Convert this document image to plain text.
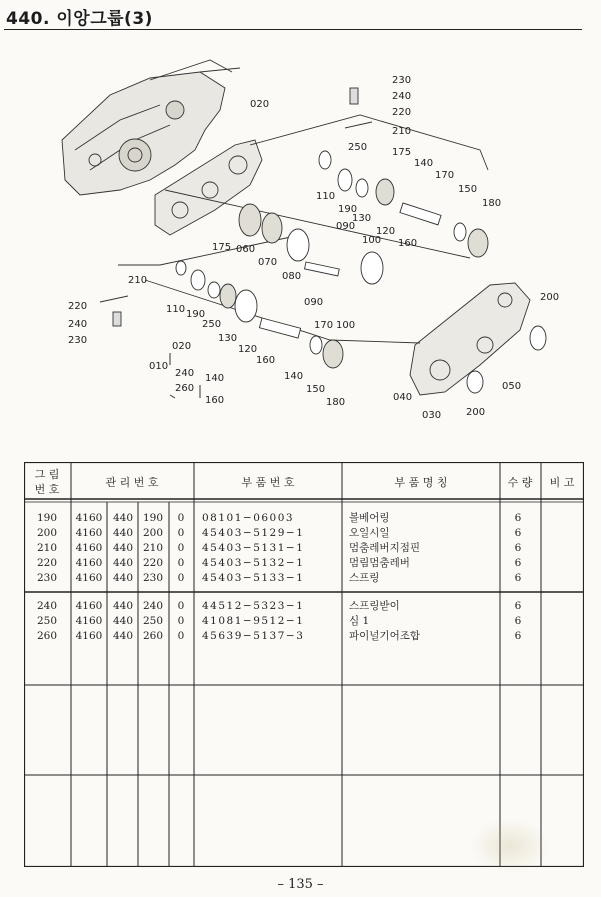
440. 이앙그룹(3)
230
240
220
210
250 175
140
170
020
110
190
130
150
180
120
160
090
100
060
070
080
175
210
220
240
230
110 190
250
130
120
160
170
090
100
140
150
180
200
040
030 200
050
020
240
260
140
160
010
그 림
번 호
관 리 번 호	부 품 번 호	부 품 명 칭	수 량 비 고
190 4160 440 190 0 08101−06003	볼베어링	6
200 4160 440 200 0 45403−5129−1	오일시일	6
210 4160 440 210 0 45403−5131−1	멈춤레버지점핀	6
220 4160 440 220 0 45403−5132−1	멈림멈춤레버	6
230 4160 440 230 0 45403−5133−1	스프링	6
240 4160 440 240 0 44512−5323−1	스프링받이	6
250 4160 440 250 0 41081−9512−1	심 1	6
260 4160 440 260 0 45639−5137−3	파이널기어조합	6
– 135 –
